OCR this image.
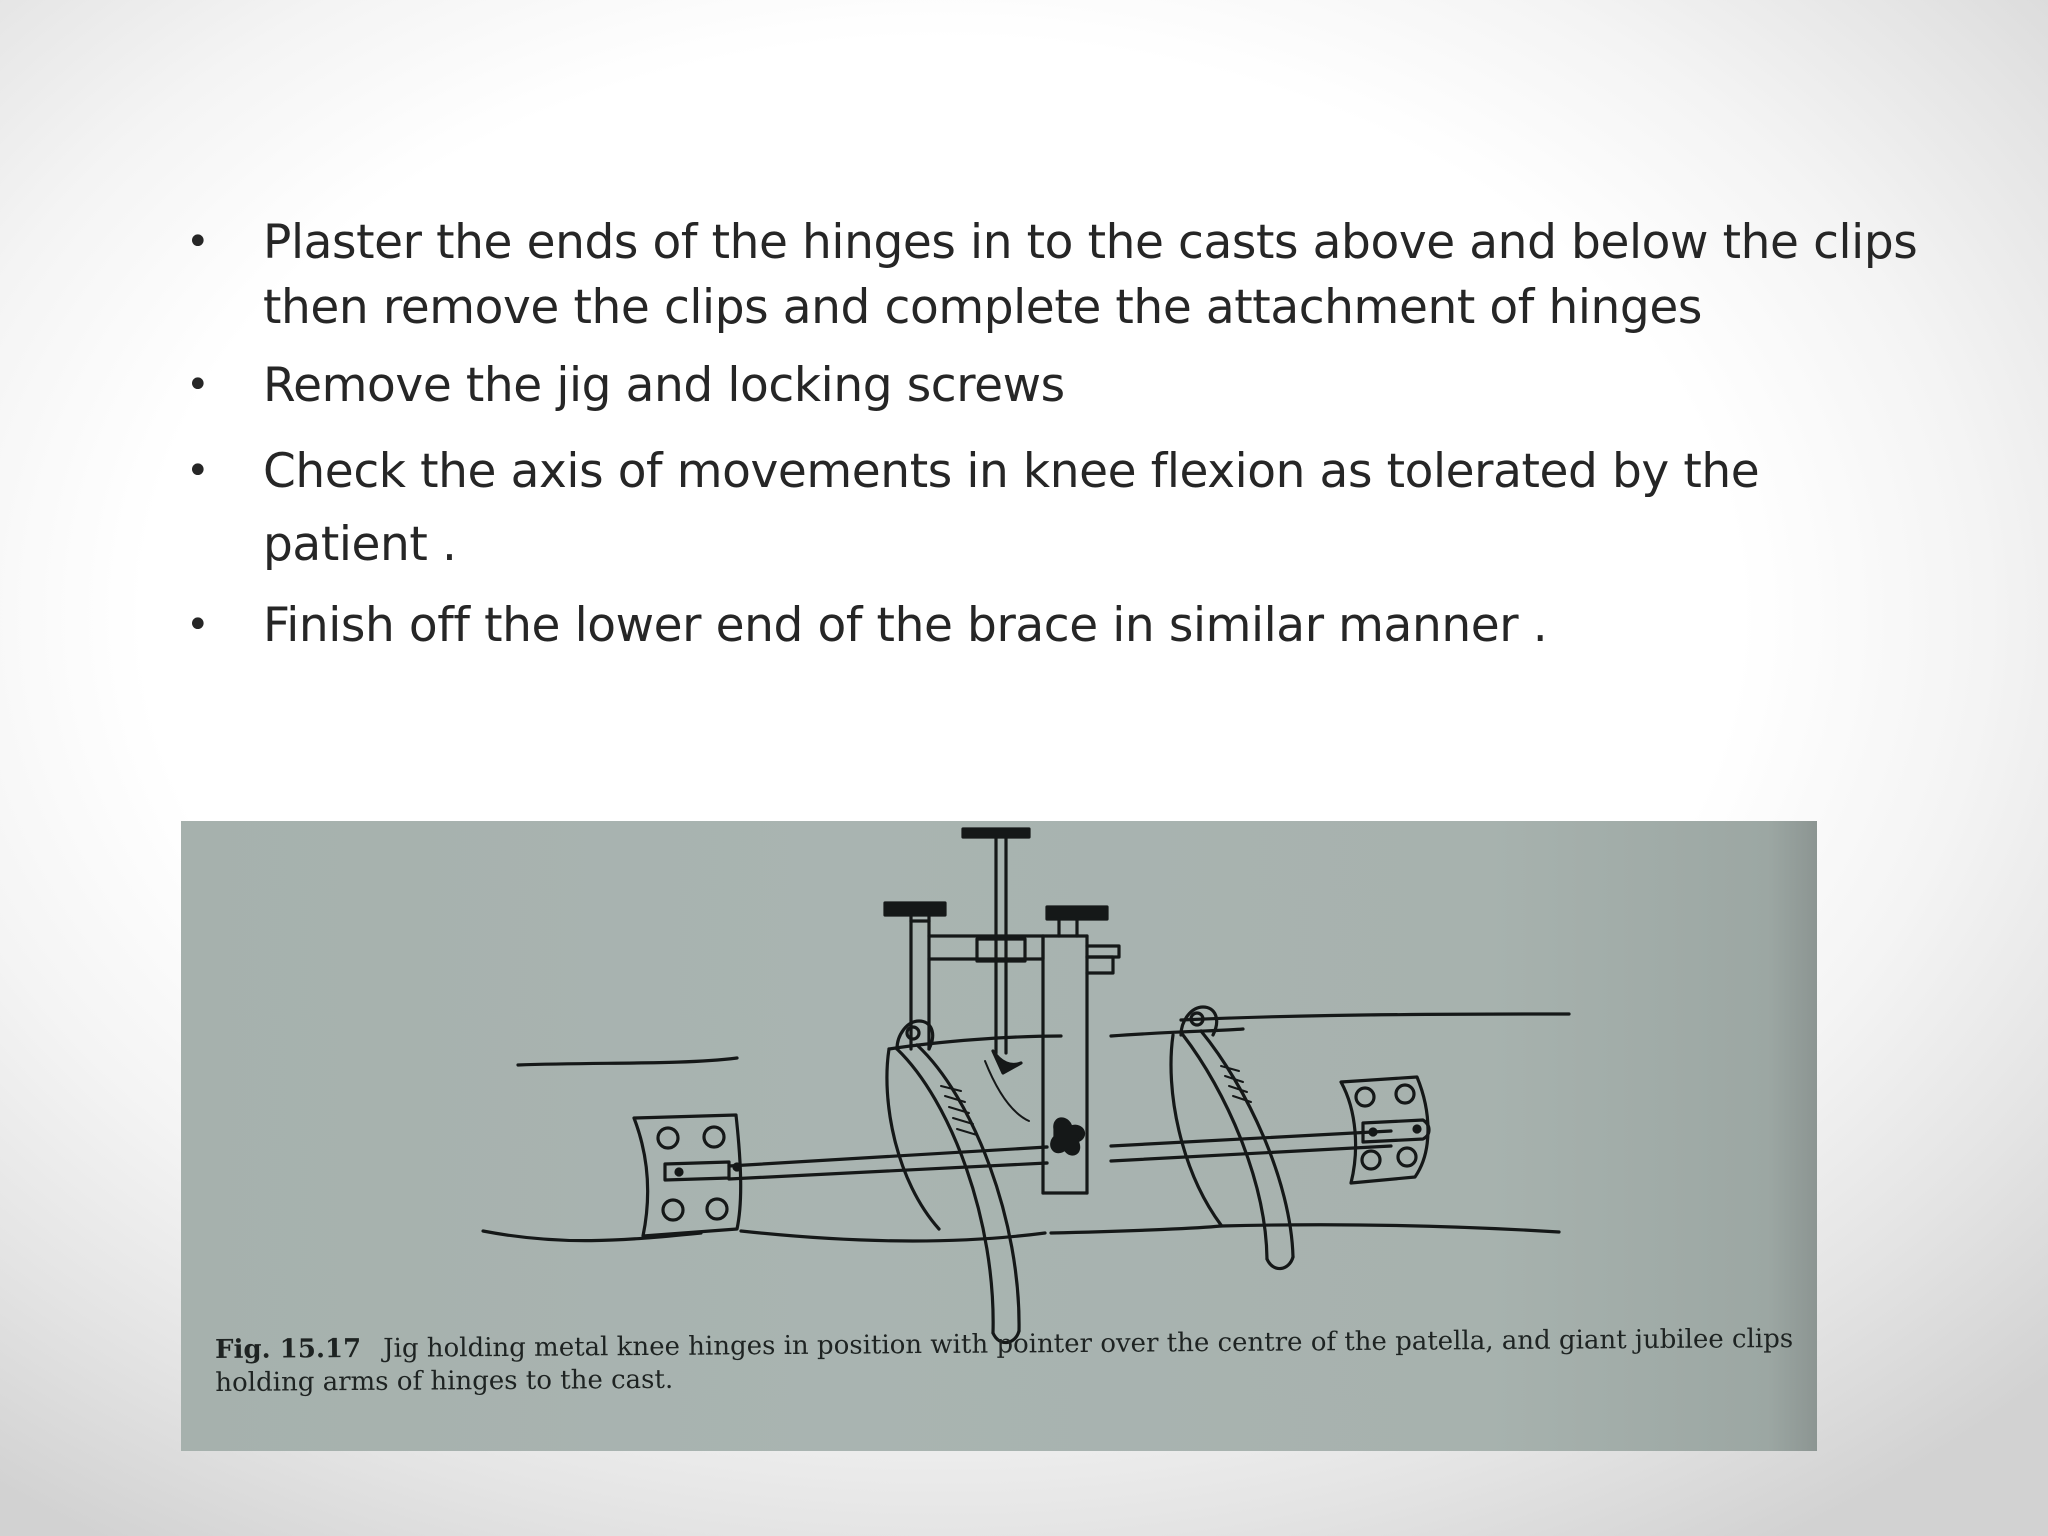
• Plaster the ends of the hinges in to the casts above and below the clips then remove the clips and complete the attachment of hinges
• Remove the jig and locking screws
• Check the axis of movements in knee flexion as tolerated by the patient .
• Finish off the lower end of the brace in similar manner .
Fig. 15.17 Jig holding metal knee hinges in position with pointer over the centre of the patella, and giant jubilee clips holding arms of hinges to the cast.
